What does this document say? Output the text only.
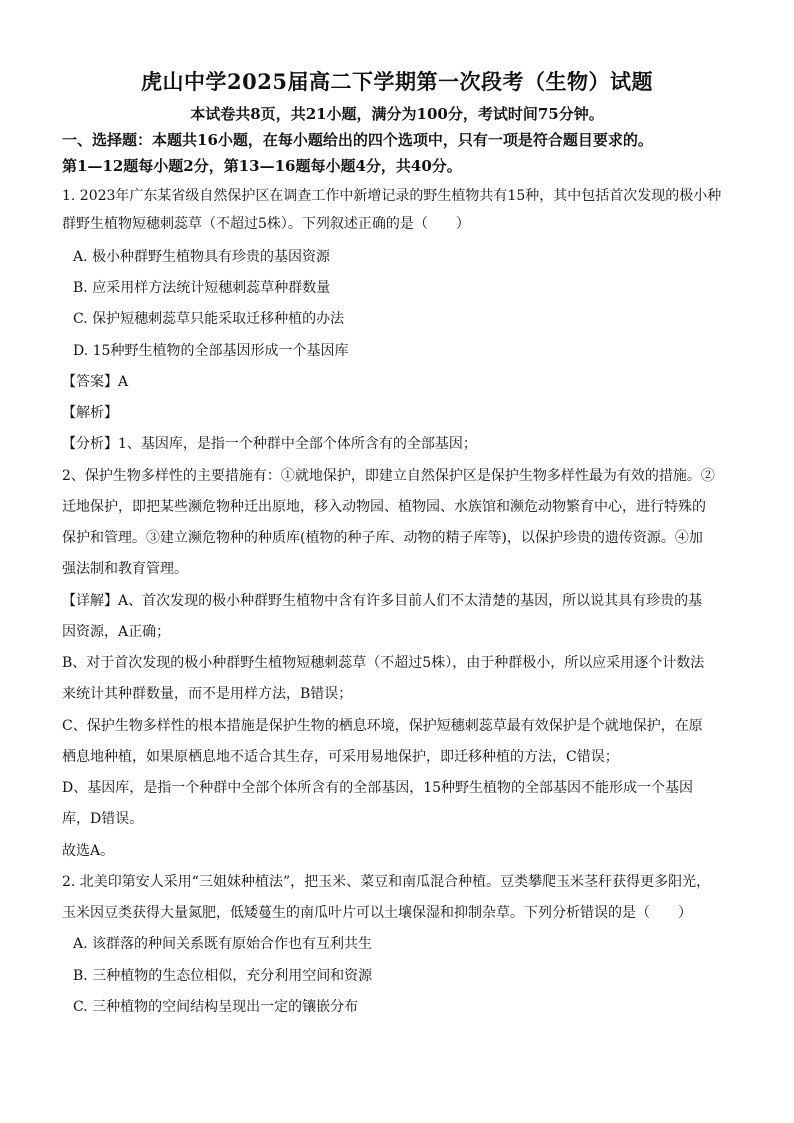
虎山中学2025届高二下学期第一次段考（生物）试题
本试卷共8页，共21小题，满分为100分，考试时间75分钟。
一、选择题：本题共16小题，在每小题给出的四个选项中，只有一项是符合题目要求的。
第1—12题每小题2分，第13—16题每小题4分，共40分。
1. 2023年广东某省级自然保护区在调查工作中新增记录的野生植物共有15种，其中包括首次发现的极小种
群野生植物短穗刺蕊草（不超过5株）。下列叙述正确的是（　　）
A. 极小种群野生植物具有珍贵的基因资源
B. 应采用样方法统计短穗刺蕊草种群数量
C. 保护短穗刺蕊草只能采取迁移种植的办法
D. 15种野生植物的全部基因形成一个基因库
【答案】A
【解析】
【分析】1、基因库，是指一个种群中全部个体所含有的全部基因；
2、保护生物多样性的主要措施有：①就地保护，即建立自然保护区是保护生物多样性最为有效的措施。②
迁地保护，即把某些濒危物种迁出原地，移入动物园、植物园、水族馆和濒危动物繁育中心，进行特殊的
保护和管理。③建立濒危物种的种质库(植物的种子库、动物的精子库等)，以保护珍贵的遗传资源。④加
强法制和教育管理。
【详解】A、首次发现的极小种群野生植物中含有许多目前人们不太清楚的基因，所以说其具有珍贵的基
因资源，A正确；
B、对于首次发现的极小种群野生植物短穗刺蕊草（不超过5株），由于种群极小，所以应采用逐个计数法
来统计其种群数量，而不是用样方法，B错误；
C、保护生物多样性的根本措施是保护生物的栖息环境，保护短穗刺蕊草最有效保护是个就地保护，在原
栖息地种植，如果原栖息地不适合其生存，可采用易地保护，即迁移种植的方法，C错误；
D、基因库，是指一个种群中全部个体所含有的全部基因，15种野生植物的全部基因不能形成一个基因
库，D错误。
故选A。
2. 北美印第安人采用“三姐妹种植法”，把玉米、菜豆和南瓜混合种植。豆类攀爬玉米茎秆获得更多阳光，
玉米因豆类获得大量氮肥，低矮蔓生的南瓜叶片可以土壤保湿和抑制杂草。下列分析错误的是（　　）
A. 该群落的种间关系既有原始合作也有互利共生
B. 三种植物的生态位相似，充分利用空间和资源
C. 三种植物的空间结构呈现出一定的镶嵌分布
